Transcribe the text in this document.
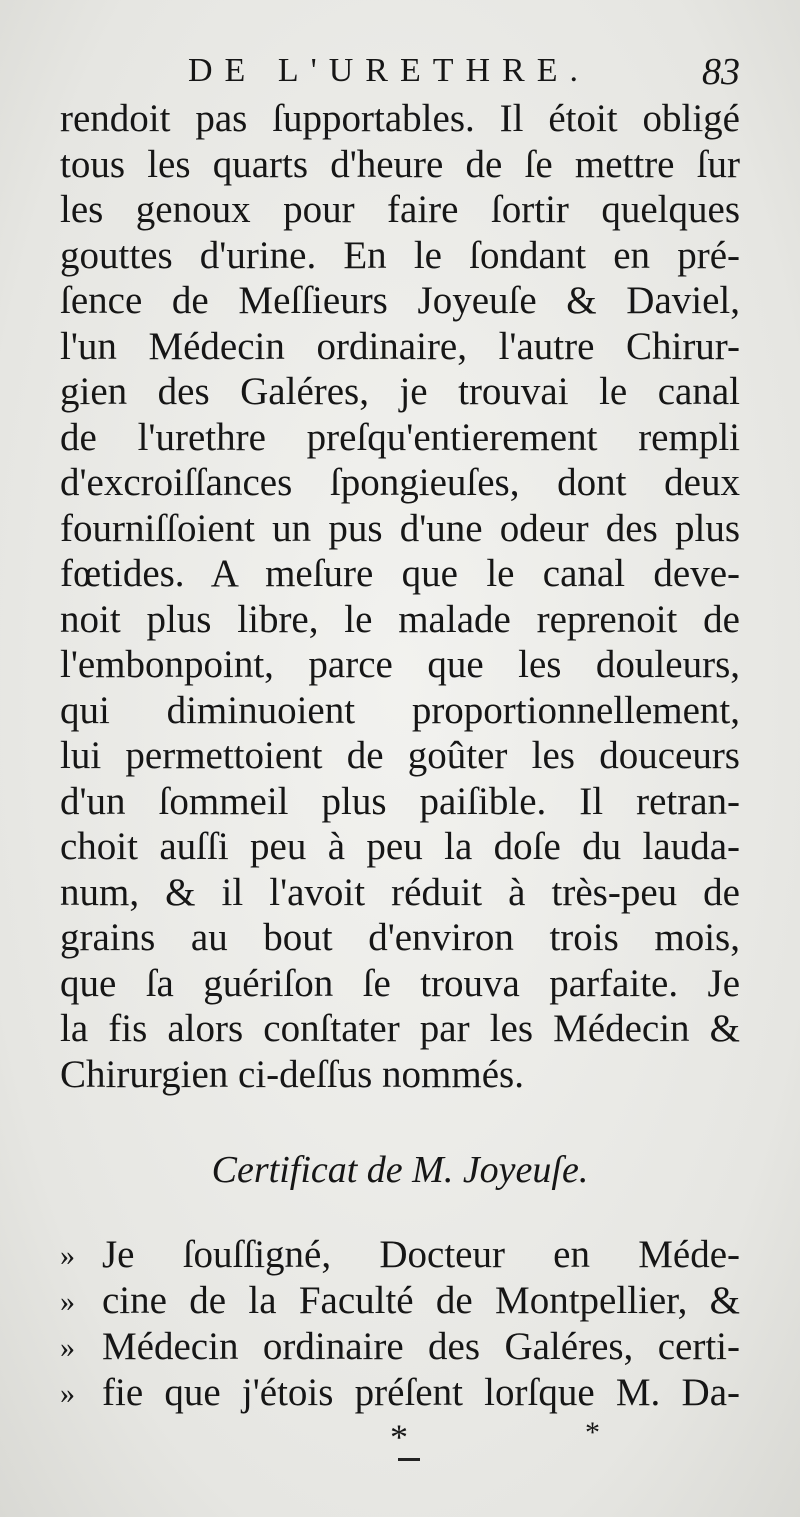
DE L'URETHRE.	83
rendoit pas ſupportables. Il étoit obligé
tous les quarts d'heure de ſe mettre ſur
les genoux pour faire ſortir quelques
gouttes d'urine. En le ſondant en pré-
ſence de Meſſieurs Joyeuſe & Daviel,
l'un Médecin ordinaire, l'autre Chirur-
gien des Galéres, je trouvai le canal
de l'urethre preſqu'entierement rempli
d'excroiſſances ſpongieuſes, dont deux
fourniſſoient un pus d'une odeur des plus
fœtides. A meſure que le canal deve-
noit plus libre, le malade reprenoit de
l'embonpoint, parce que les douleurs,
qui diminuoient proportionnellement,
lui permettoient de goûter les douceurs
d'un ſommeil plus paiſible. Il retran-
choit auſſi peu à peu la doſe du lauda-
num, & il l'avoit réduit à très-peu de
grains au bout d'environ trois mois,
que ſa guériſon ſe trouva parfaite. Je
la fis alors conſtater par les Médecin &
Chirurgien ci-deſſus nommés.
Certificat de M. Joyeuſe.
» Je ſouſſigné, Docteur en Méde-
» cine de la Faculté de Montpellier, &
» Médecin ordinaire des Galéres, certi-
» fie que j'étois préſent lorſque M. Da-
*	*
